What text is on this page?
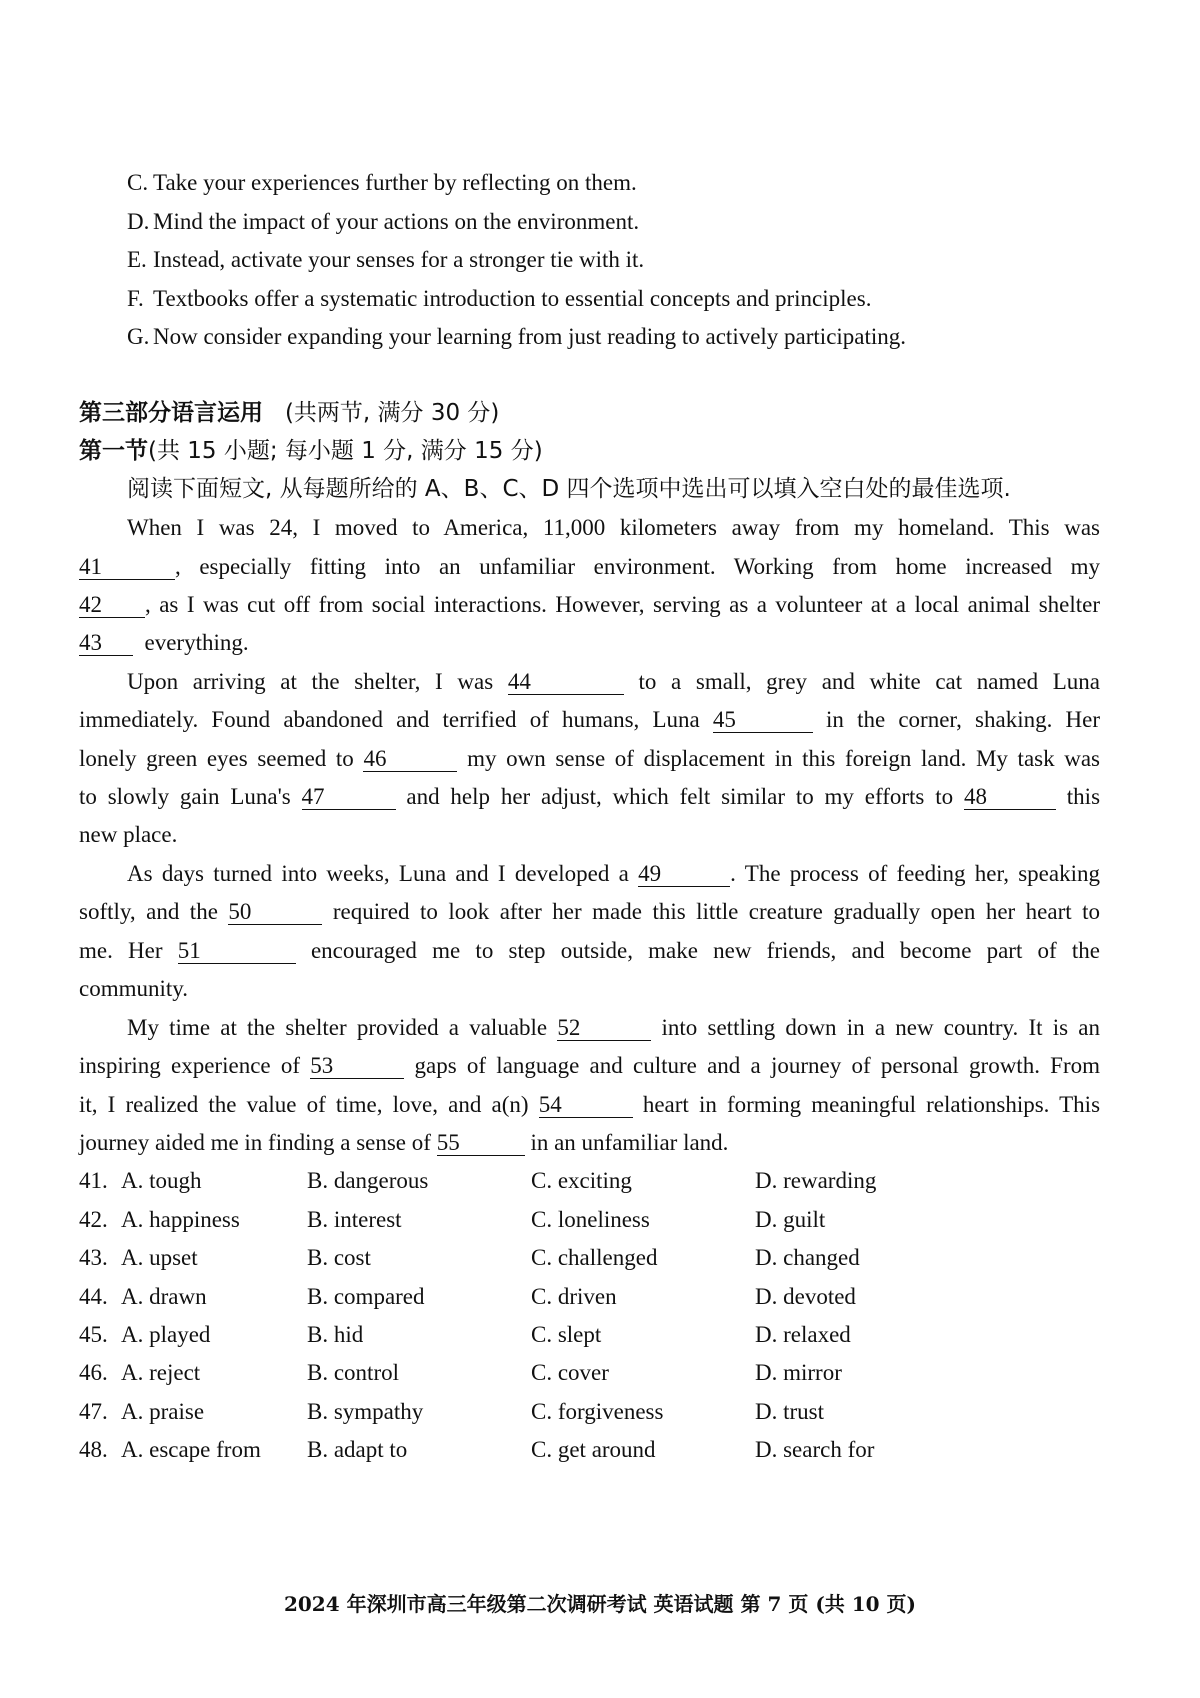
C. Take your experiences further by reflecting on them.
D. Mind the impact of your actions on the environment.
E. Instead, activate your senses for a stronger tie with it.
F. Textbooks offer a systematic introduction to essential concepts and principles.
G. Now consider expanding your learning from just reading to actively participating.
第三部分语言运用 (共两节, 满分 30 分)
第一节(共 15 小题; 每小题 1 分, 满分 15 分)
阅读下面短文, 从每题所给的 A、B、C、D 四个选项中选出可以填入空白处的最佳选项.
When I was 24, I moved to America, 11,000 kilometers away from my homeland. This was
41	, especially fitting into an unfamiliar environment. Working from home increased my
42 , as I was cut off from social interactions. However, serving as a volunteer at a local animal shelter
43 everything.
Upon arriving at the shelter, I was 44	to a small, grey and white cat named Luna
immediately. Found abandoned and terrified of humans, Luna 45	in the corner, shaking. Her
lonely green eyes seemed to 46	my own sense of displacement in this foreign land. My task was
to slowly gain Luna's 47	and help her adjust, which felt similar to my efforts to 48	this
new place.
As days turned into weeks, Luna and I developed a 49	. The process of feeding her, speaking
softly, and the 50	required to look after her made this little creature gradually open her heart to
me. Her 51	encouraged me to step outside, make new friends, and become part of the
community.
My time at the shelter provided a valuable 52	into settling down in a new country. It is an
inspiring experience of 53	gaps of language and culture and a journey of personal growth. From
it, I realized the value of time, love, and a(n) 54	heart in forming meaningful relationships. This
journey aided me in finding a sense of 55	in an unfamiliar land.
41. A. tough	B. dangerous	C. exciting	D. rewarding
42. A. happiness	B. interest	C. loneliness	D. guilt
43. A. upset	B. cost	C. challenged	D. changed
44. A. drawn	B. compared	C. driven	D. devoted
45. A. played	B. hid	C. slept	D. relaxed
46. A. reject	B. control	C. cover	D. mirror
47. A. praise	B. sympathy	C. forgiveness	D. trust
48. A. escape from B. adapt to	C. get around	D. search for
2024 年深圳市高三年级第二次调研考试 英语试题 第 7 页 (共 10 页)
